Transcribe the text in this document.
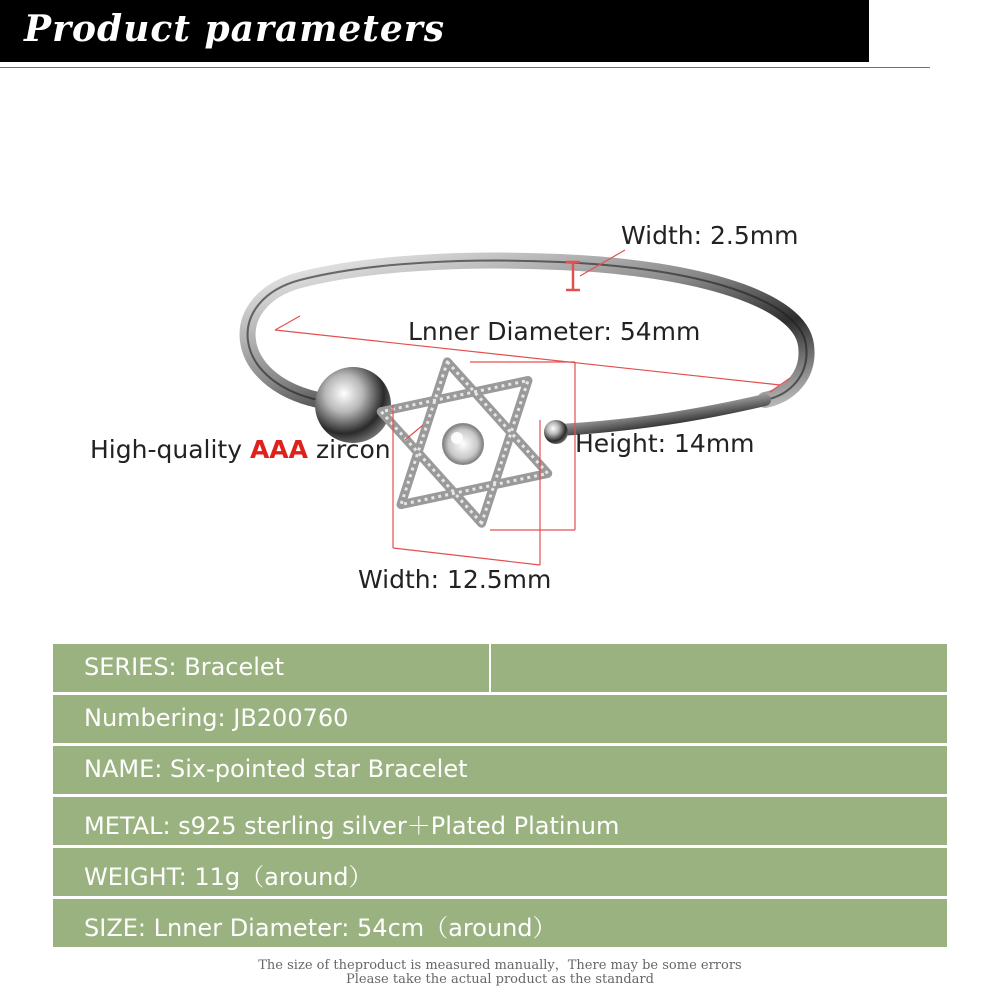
Product parameters
Width: 2.5mm
Lnner Diameter: 54mm
High-quality AAA zircon	Height: 14mm
Width: 12.5mm
SERIES: Bracelet
Numbering: JB200760
NAME: Six-pointed star Bracelet
METAL: s925 sterling silver＋Plated Platinum
WEIGHT: 11g（around）
SIZE: Lnner Diameter: 54cm（around）
The size of theproduct is measured manually，There may be some errors
Please take the actual product as the standard
